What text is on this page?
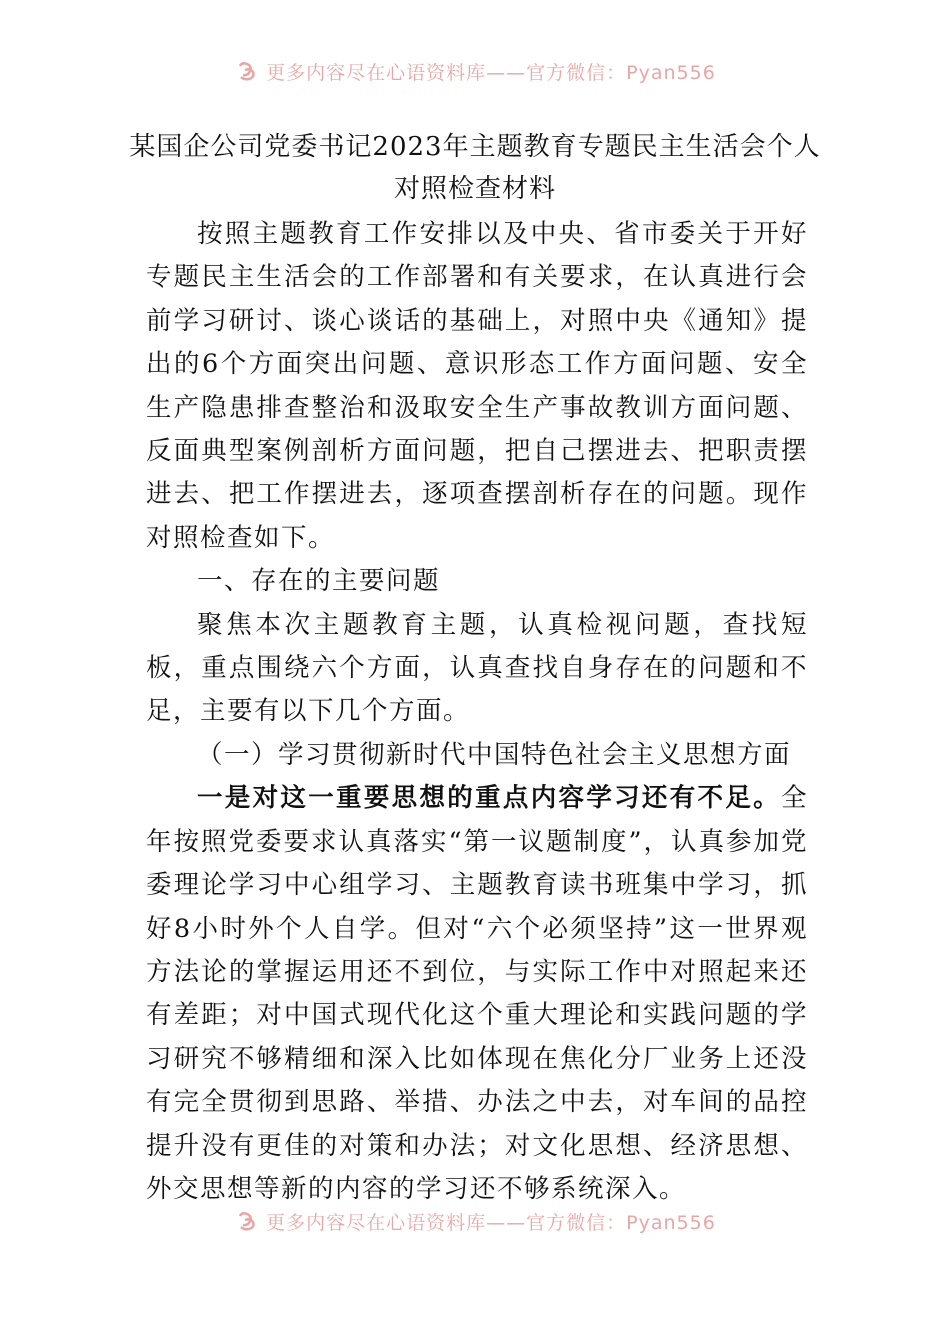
更多内容尽在心语资料库——官方微信：Pyan556
某国企公司党委书记2023年主题教育专题民主生活会个人
对照检查材料

按照主题教育工作安排以及中央、省市委关于开好专题民主生活会的工作部署和有关要求，在认真进行会前学习研讨、谈心谈话的基础上，对照中央《通知》提出的6个方面突出问题、意识形态工作方面问题、安全生产隐患排查整治和汲取安全生产事故教训方面问题、反面典型案例剖析方面问题，把自己摆进去、把职责摆进去、把工作摆进去，逐项查摆剖析存在的问题。现作对照检查如下。

一、存在的主要问题

聚焦本次主题教育主题，认真检视问题，查找短板，重点围绕六个方面，认真查找自身存在的问题和不足，主要有以下几个方面。

（一）学习贯彻新时代中国特色社会主义思想方面

一是对这一重要思想的重点内容学习还有不足。全年按照党委要求认真落实“第一议题制度”，认真参加党委理论学习中心组学习、主题教育读书班集中学习，抓好8小时外个人自学。但对“六个必须坚持”这一世界观方法论的掌握运用还不到位，与实际工作中对照起来还有差距；对中国式现代化这个重大理论和实践问题的学习研究不够精细和深入比如体现在焦化分厂业务上还没有完全贯彻到思路、举措、办法之中去，对车间的品控提升没有更佳的对策和办法；对文化思想、经济思想、外交思想等新的内容的学习还不够系统深入。

更多内容尽在心语资料库——官方微信：Pyan556
